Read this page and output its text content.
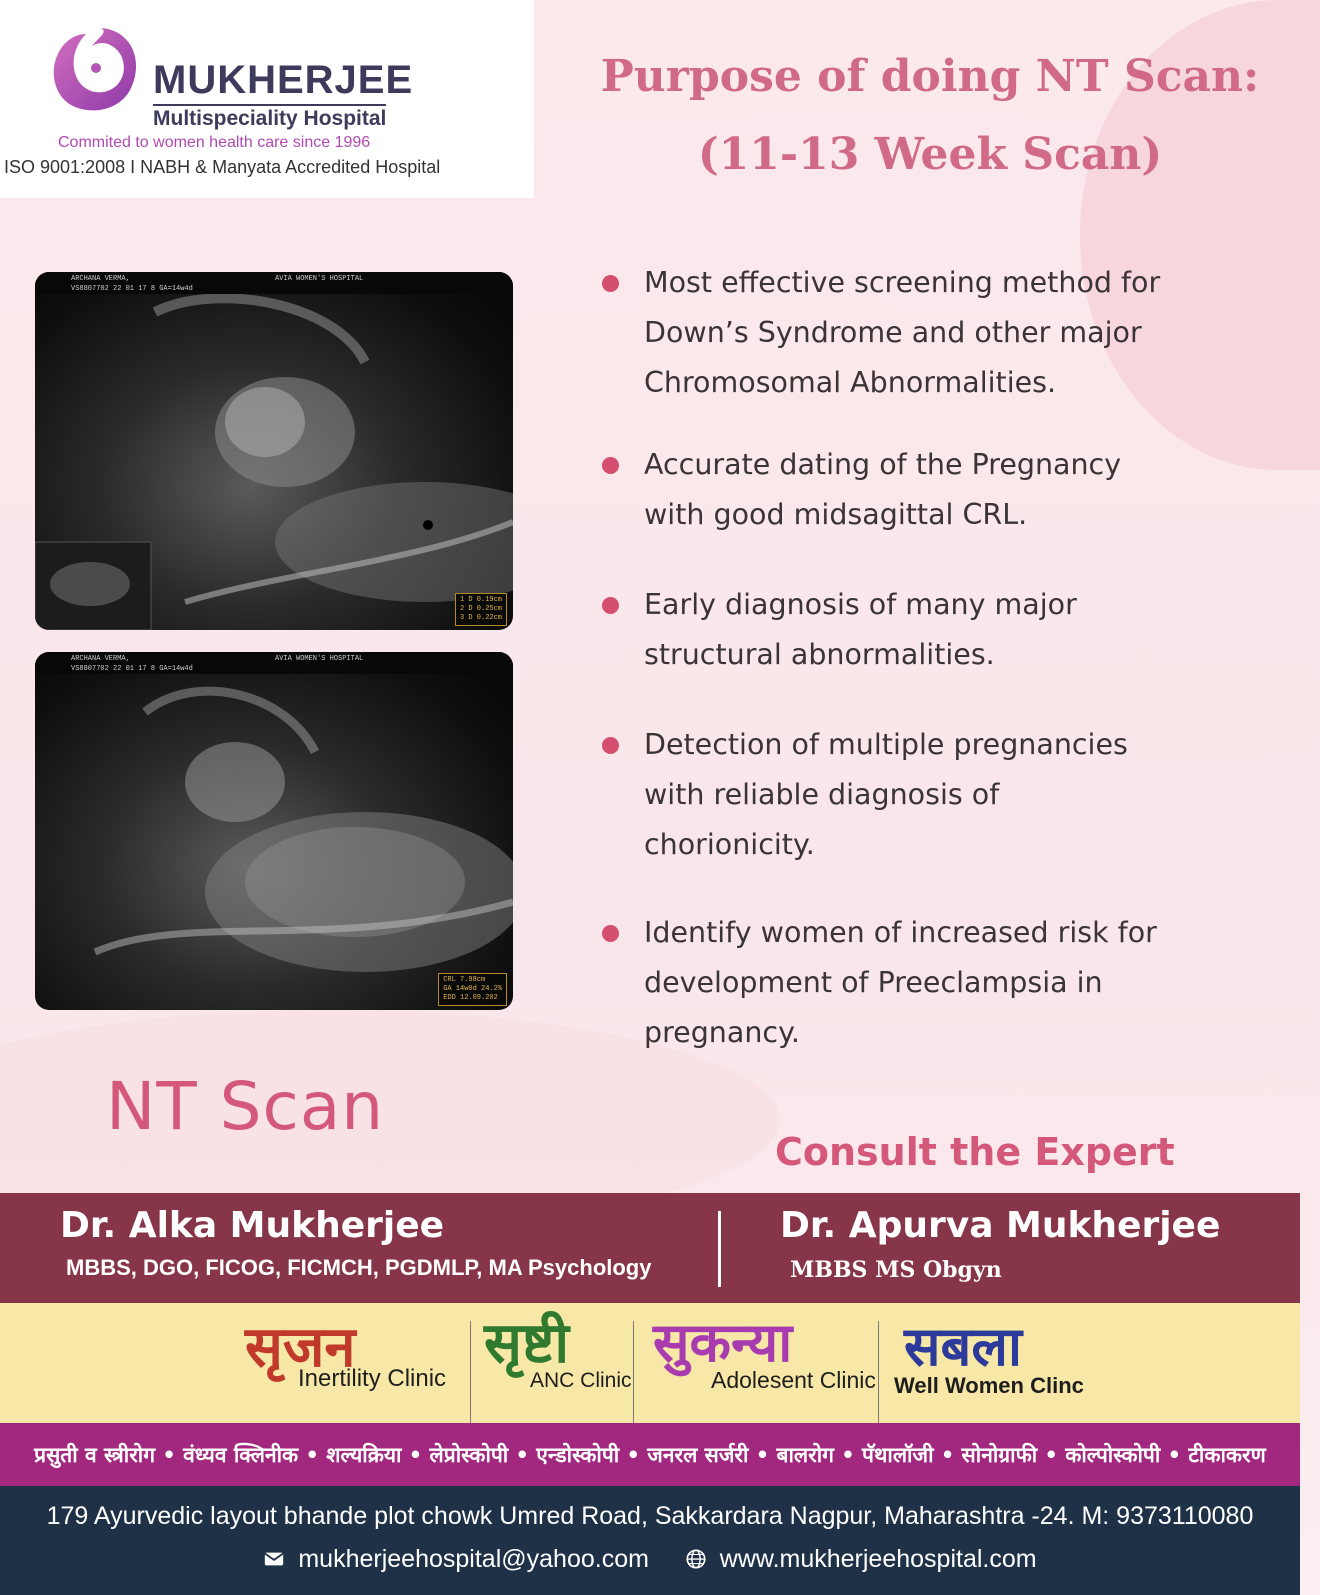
MUKHERJEE
Multispeciality Hospital
Commited to women health care since 1996
ISO 9001:2008 I NABH & Manyata Accredited Hospital
Purpose of doing NT Scan:
(11-13 Week Scan)
ARCHANA VERMA,
VS8807702 22 01 17 8 GA=14w4d
AVIA WOMEN'S HOSPITAL
1 D 0.19cm
2 D 0.25cm
3 D 0.22cm
ARCHANA VERMA,
VS8807702 22 01 17 8 GA=14w4d
AVIA WOMEN'S HOSPITAL
CRL 7.98cm
GA 14w0d 24.2%
EDD 12.09.202
Most effective screening method for
Down’s Syndrome and other major
Chromosomal Abnormalities.
Accurate dating of the Pregnancy
with good midsagittal CRL.
Early diagnosis of many major
structural abnormalities.
Detection of multiple pregnancies
with reliable diagnosis of
chorionicity.
Identify women of increased risk for
development of Preeclampsia in
pregnancy.
NT Scan
Consult the Expert
Dr. Alka Mukherjee
MBBS, DGO, FICOG, FICMCH, PGDMLP, MA Psychology
Dr. Apurva Mukherjee
MBBS MS Obgyn
सृजन
Inertility Clinic
सृष्टी
ANC Clinic
सुकन्या
Adolesent Clinic
सबला
Well Women Clinc
प्रसुती व स्त्रीरोग • वंध्यव क्लिनीक • शल्यक्रिया • लेप्रोस्कोपी • एन्डोस्कोपी • जनरल सर्जरी • बालरोग • पॅथालॉजी • सोनोग्राफी • कोल्पोस्कोपी • टीकाकरण
179 Ayurvedic layout bhande plot chowk Umred Road, Sakkardara Nagpur, Maharashtra -24. M: 9373110080
mukherjeehospital@yahoo.com	www.mukherjeehospital.com
